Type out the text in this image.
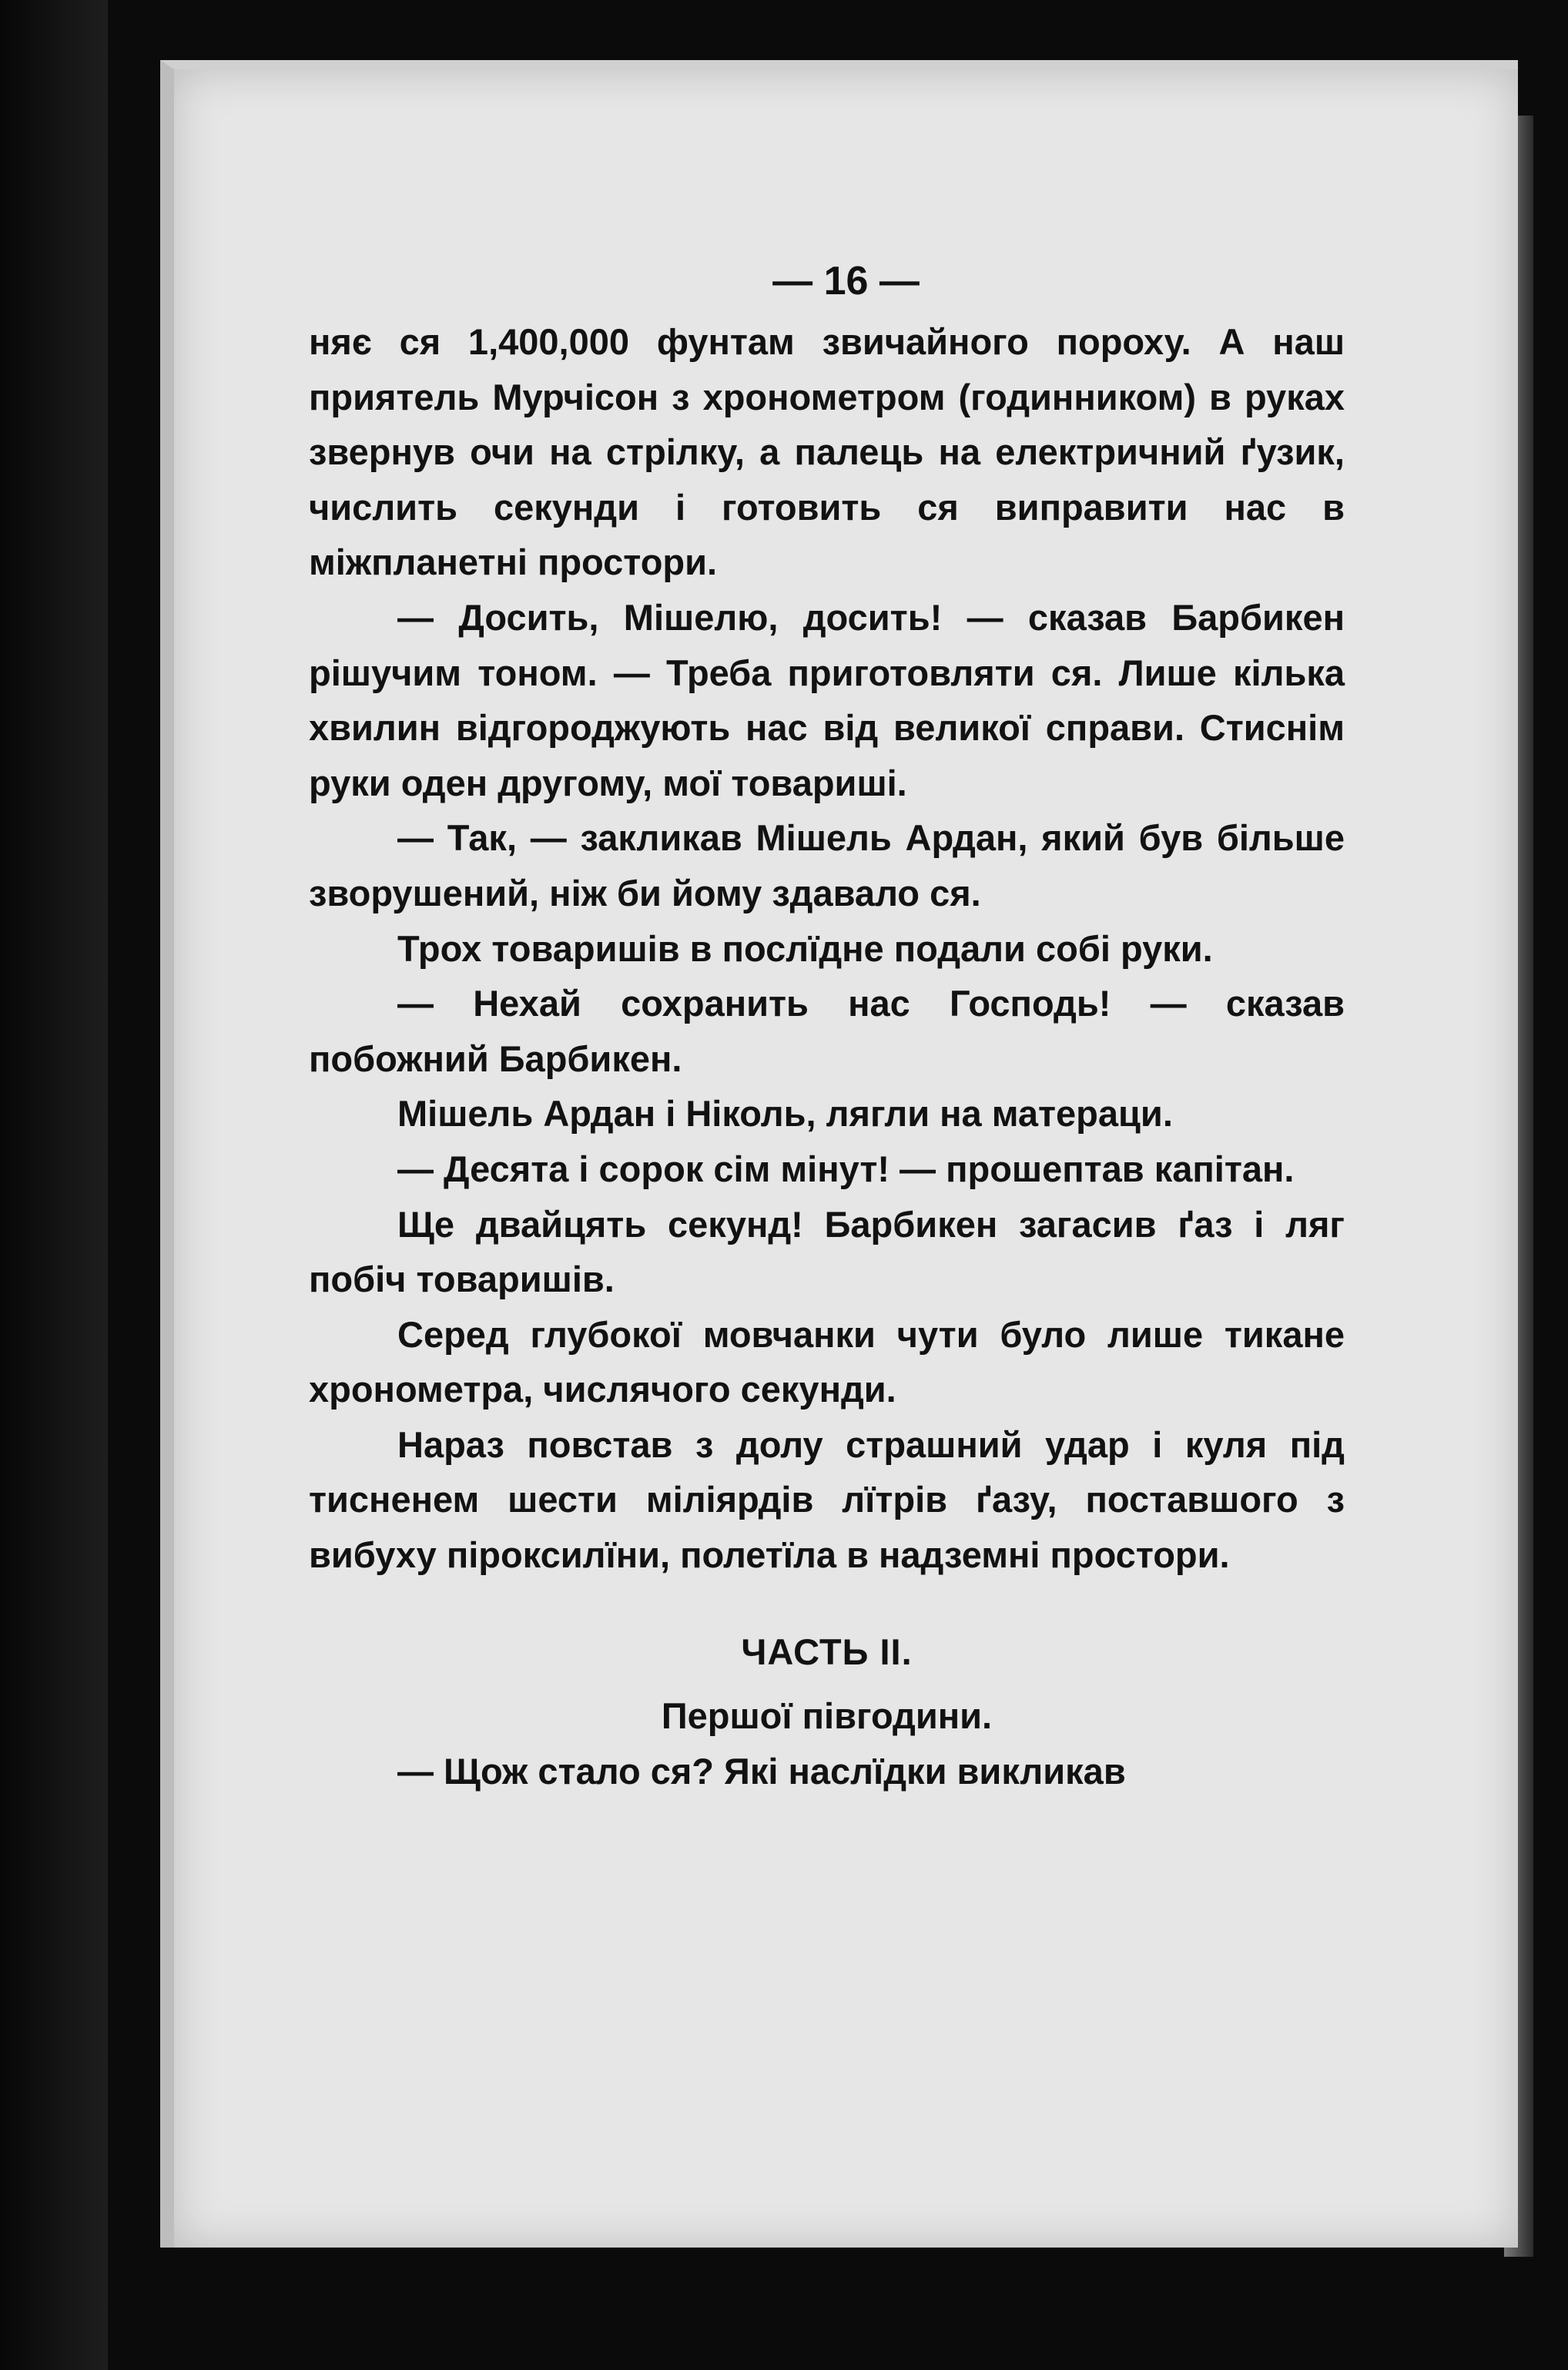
— 16 —

няє ся 1,400,000 фунтам звичайного пороху. А наш приятель Мурчісон з хронометром (годинником) в руках звернув очи на стрілку, а палець на електричний ґузик, числить секунди і готовить ся виправити нас в міжпланетні простори.

— Досить, Мішелю, досить! — сказав Барбикен рішучим тоном. — Треба приготовляти ся. Лише кілька хвилин відгороджують нас від великої справи. Стиснім руки оден другому, мої товариші.

— Так, — закликав Мішель Ардан, який був більше зворушений, ніж би йому здавало ся.

Трох товаришів в послїдне подали собі руки.

— Нехай сохранить нас Господь! — сказав побожний Барбикен.

Мішель Ардан і Ніколь, лягли на матераци.

— Десята і сорок сім мінут! — прошептав капітан.

Ще двайцять секунд! Барбикен загасив ґаз і ляг побіч товаришів.

Серед глубокої мовчанки чути було лише тикане хронометра, числячого секунди.

Нараз повстав з долу страшний удар і куля під тисненем шести міліярдів лїтрів ґазу, поставшого з вибуху піроксилїни, полетїла в надземні простори.

ЧАСТЬ II.
Першої півгодини.

— Щож стало ся? Які наслїдки викликав
